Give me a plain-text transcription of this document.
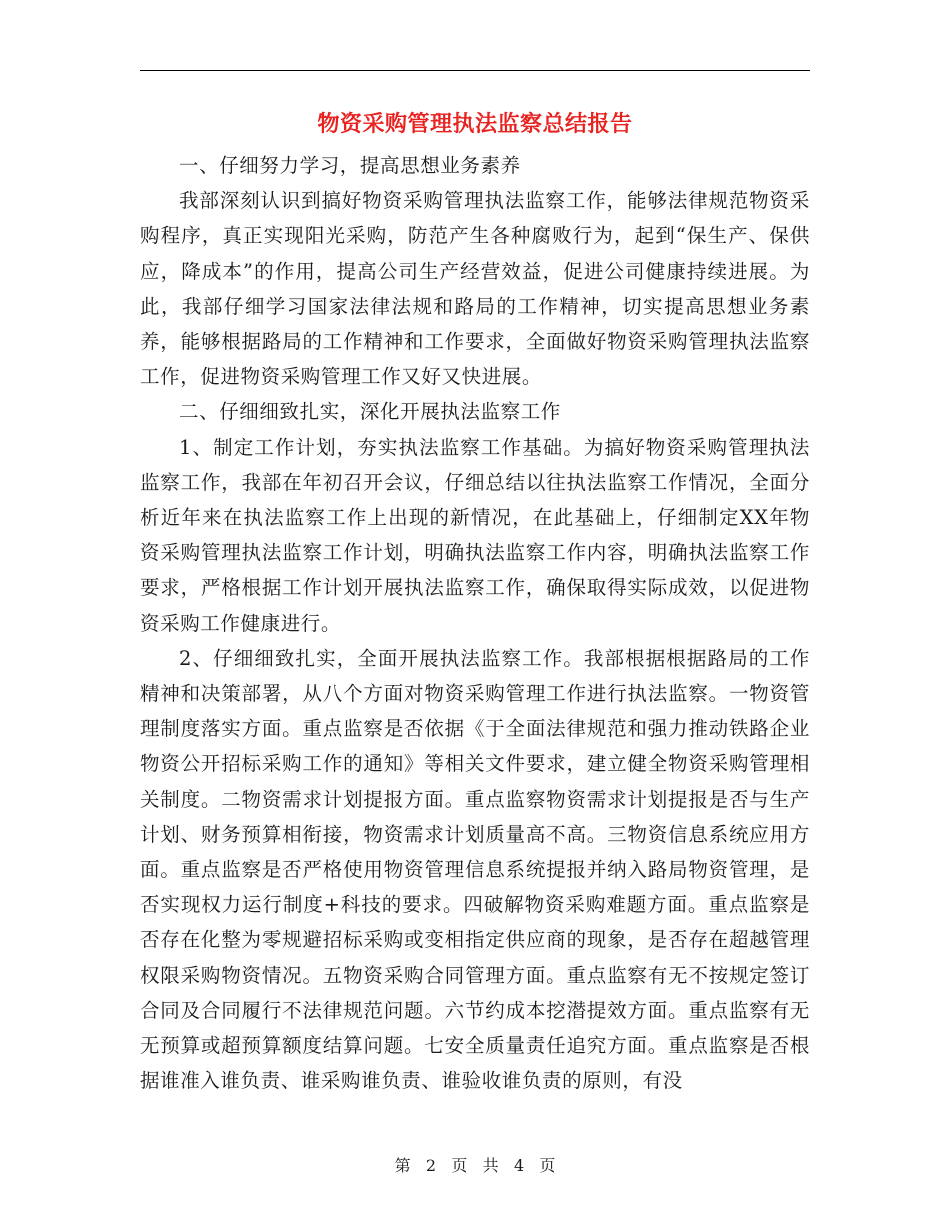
物资采购管理执法监察总结报告

一、仔细努力学习，提高思想业务素养

我部深刻认识到搞好物资采购管理执法监察工作，能够法律规范物资采购程序，真正实现阳光采购，防范产生各种腐败行为，起到“保生产、保供应，降成本”的作用，提高公司生产经营效益，促进公司健康持续进展。为此，我部仔细学习国家法律法规和路局的工作精神，切实提高思想业务素养，能够根据路局的工作精神和工作要求，全面做好物资采购管理执法监察工作，促进物资采购管理工作又好又快进展。

二、仔细细致扎实，深化开展执法监察工作

1、制定工作计划，夯实执法监察工作基础。为搞好物资采购管理执法监察工作，我部在年初召开会议，仔细总结以往执法监察工作情况，全面分析近年来在执法监察工作上出现的新情况，在此基础上，仔细制定XX年物资采购管理执法监察工作计划，明确执法监察工作内容，明确执法监察工作要求，严格根据工作计划开展执法监察工作，确保取得实际成效，以促进物资采购工作健康进行。

2、仔细细致扎实，全面开展执法监察工作。我部根据根据路局的工作精神和决策部署，从八个方面对物资采购管理工作进行执法监察。一物资管理制度落实方面。重点监察是否依据《于全面法律规范和强力推动铁路企业物资公开招标采购工作的通知》等相关文件要求，建立健全物资采购管理相关制度。二物资需求计划提报方面。重点监察物资需求计划提报是否与生产计划、财务预算相衔接，物资需求计划质量高不高。三物资信息系统应用方面。重点监察是否严格使用物资管理信息系统提报并纳入路局物资管理，是否实现权力运行制度+科技的要求。四破解物资采购难题方面。重点监察是否存在化整为零规避招标采购或变相指定供应商的现象，是否存在超越管理权限采购物资情况。五物资采购合同管理方面。重点监察有无不按规定签订合同及合同履行不法律规范问题。六节约成本挖潜提效方面。重点监察有无无预算或超预算额度结算问题。七安全质量责任追究方面。重点监察是否根据谁准入谁负责、谁采购谁负责、谁验收谁负责的原则，有没

第 2 页 共 4 页
